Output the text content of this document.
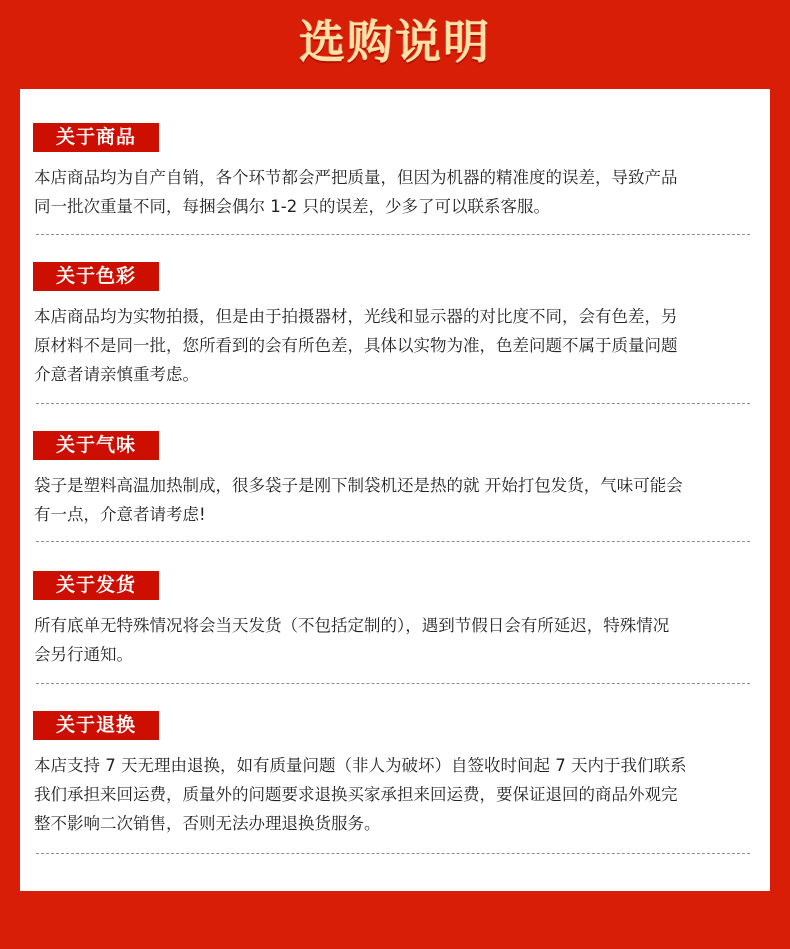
选购说明
关于商品

本店商品均为自产自销，各个环节都会严把质量，但因为机器的精准度的误差，导致产品
同一批次重量不同，每捆会偶尔 1-2 只的误差，少多了可以联系客服。

关于色彩

本店商品均为实物拍摄，但是由于拍摄器材，光线和显示器的对比度不同，会有色差，另
原材料不是同一批，您所看到的会有所色差，具体以实物为准，色差问题不属于质量问题
介意者请亲慎重考虑。

关于气味

袋子是塑料高温加热制成，很多袋子是刚下制袋机还是热的就 开始打包发货，气味可能会
有一点，介意者请考虑!

关于发货

所有底单无特殊情况将会当天发货（不包括定制的），遇到节假日会有所延迟，特殊情况
会另行通知。

关于退换

本店支持 7 天无理由退换，如有质量问题（非人为破坏）自签收时间起 7 天内于我们联系
我们承担来回运费，质量外的问题要求退换买家承担来回运费，要保证退回的商品外观完
整不影响二次销售，否则无法办理退换货服务。
